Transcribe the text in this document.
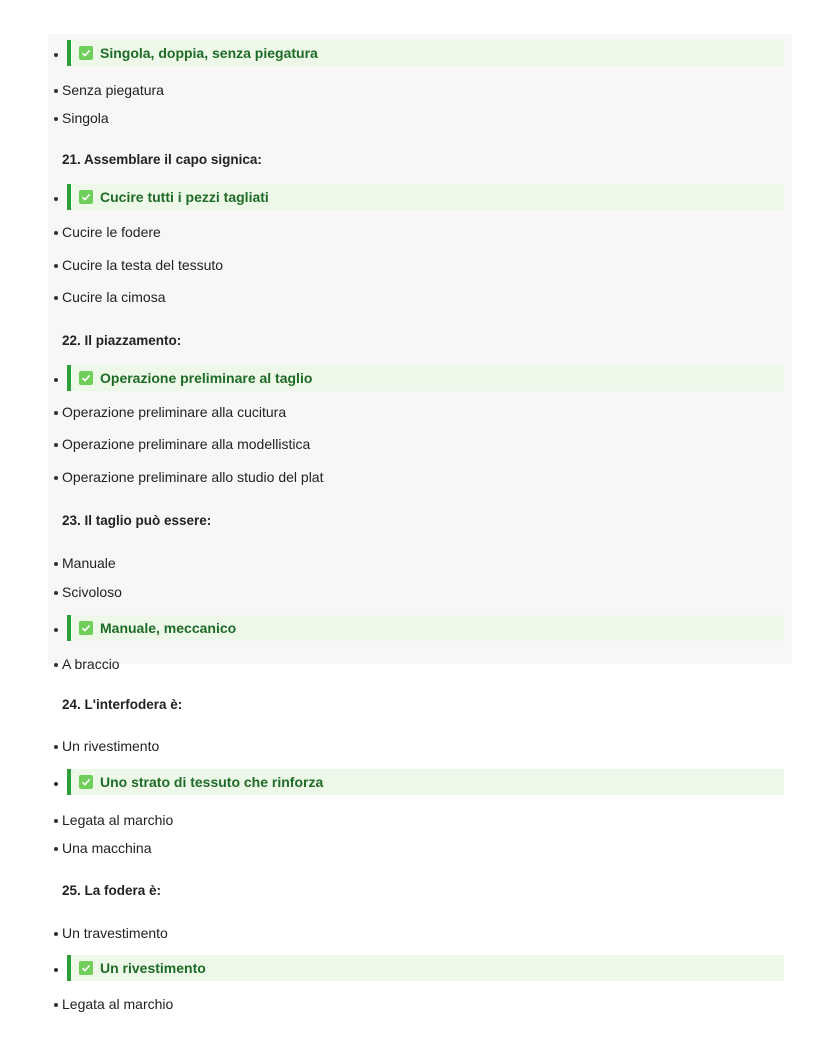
Singola, doppia, senza piegatura
Senza piegatura
Singola
21. Assemblare il capo signica:
Cucire tutti i pezzi tagliati
Cucire le fodere
Cucire la testa del tessuto
Cucire la cimosa
22. Il piazzamento:
Operazione preliminare al taglio
Operazione preliminare alla cucitura
Operazione preliminare alla modellistica
Operazione preliminare allo studio del plat
23. Il taglio può essere:
Manuale
Scivoloso
Manuale, meccanico
A braccio
24. L'interfodera è:
Un rivestimento
Uno strato di tessuto che rinforza
Legata al marchio
Una macchina
25. La fodera è:
Un travestimento
Un rivestimento
Legata al marchio
